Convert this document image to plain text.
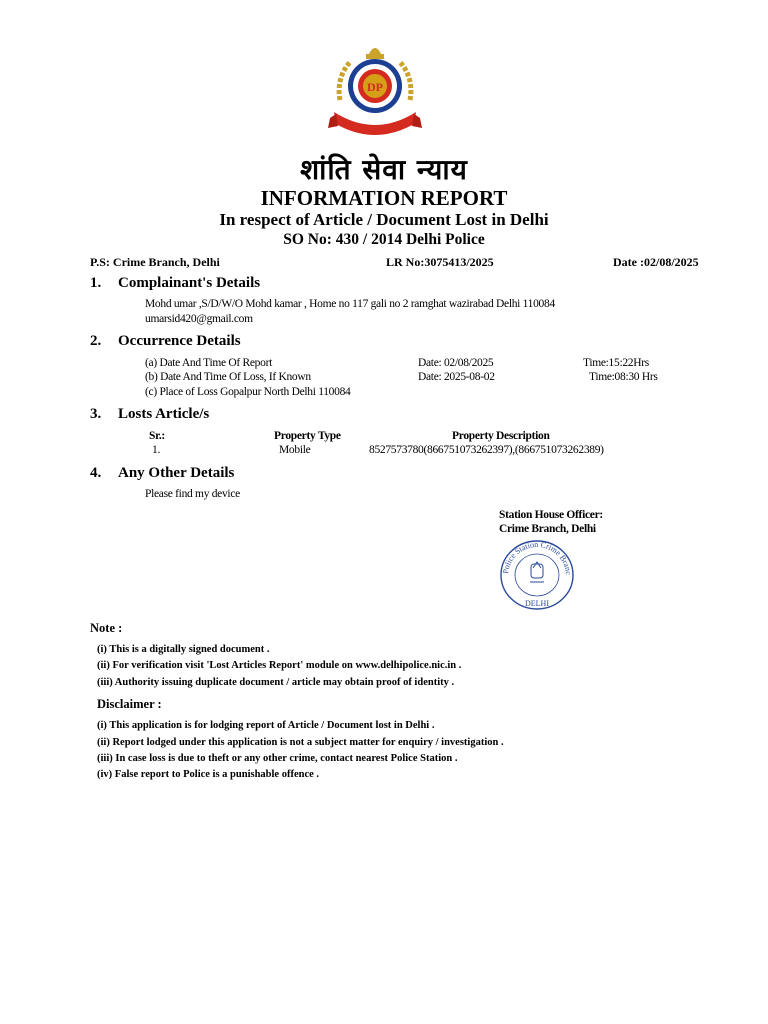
DP
शांति सेवा न्याय
INFORMATION REPORT
In respect of Article / Document Lost in Delhi
SO No: 430 / 2014 Delhi Police
P.S: Crime Branch, Delhi	LR No:3075413/2025	Date :02/08/2025
1. Complainant's Details
Mohd umar ,S/D/W/O Mohd kamar , Home no 117 gali no 2 ramghat wazirabad Delhi 110084
umarsid420@gmail.com
2. Occurrence Details
(a) Date And Time Of Report	Date: 02/08/2025	Time:15:22Hrs
(b) Date And Time Of Loss, If Known	Date: 2025-08-02	Time:08:30 Hrs
(c) Place of Loss Gopalpur North Delhi 110084
3. Losts Article/s
Sr.:	Property Type	Property Description
1.	Mobile	8527573780(866751073262397),(866751073262389)
4. Any Other Details
Please find my device
Station House Officer:
Crime Branch, Delhi
Police Station Crime Branc
DELHI
Note :
(i) This is a digitally signed document .
(ii) For verification visit 'Lost Articles Report' module on www.delhipolice.nic.in .
(iii) Authority issuing duplicate document / article may obtain proof of identity .
Disclaimer :
(i) This application is for lodging report of Article / Document lost in Delhi .
(ii) Report lodged under this application is not a subject matter for enquiry / investigation .
(iii) In case loss is due to theft or any other crime, contact nearest Police Station .
(iv) False report to Police is a punishable offence .
